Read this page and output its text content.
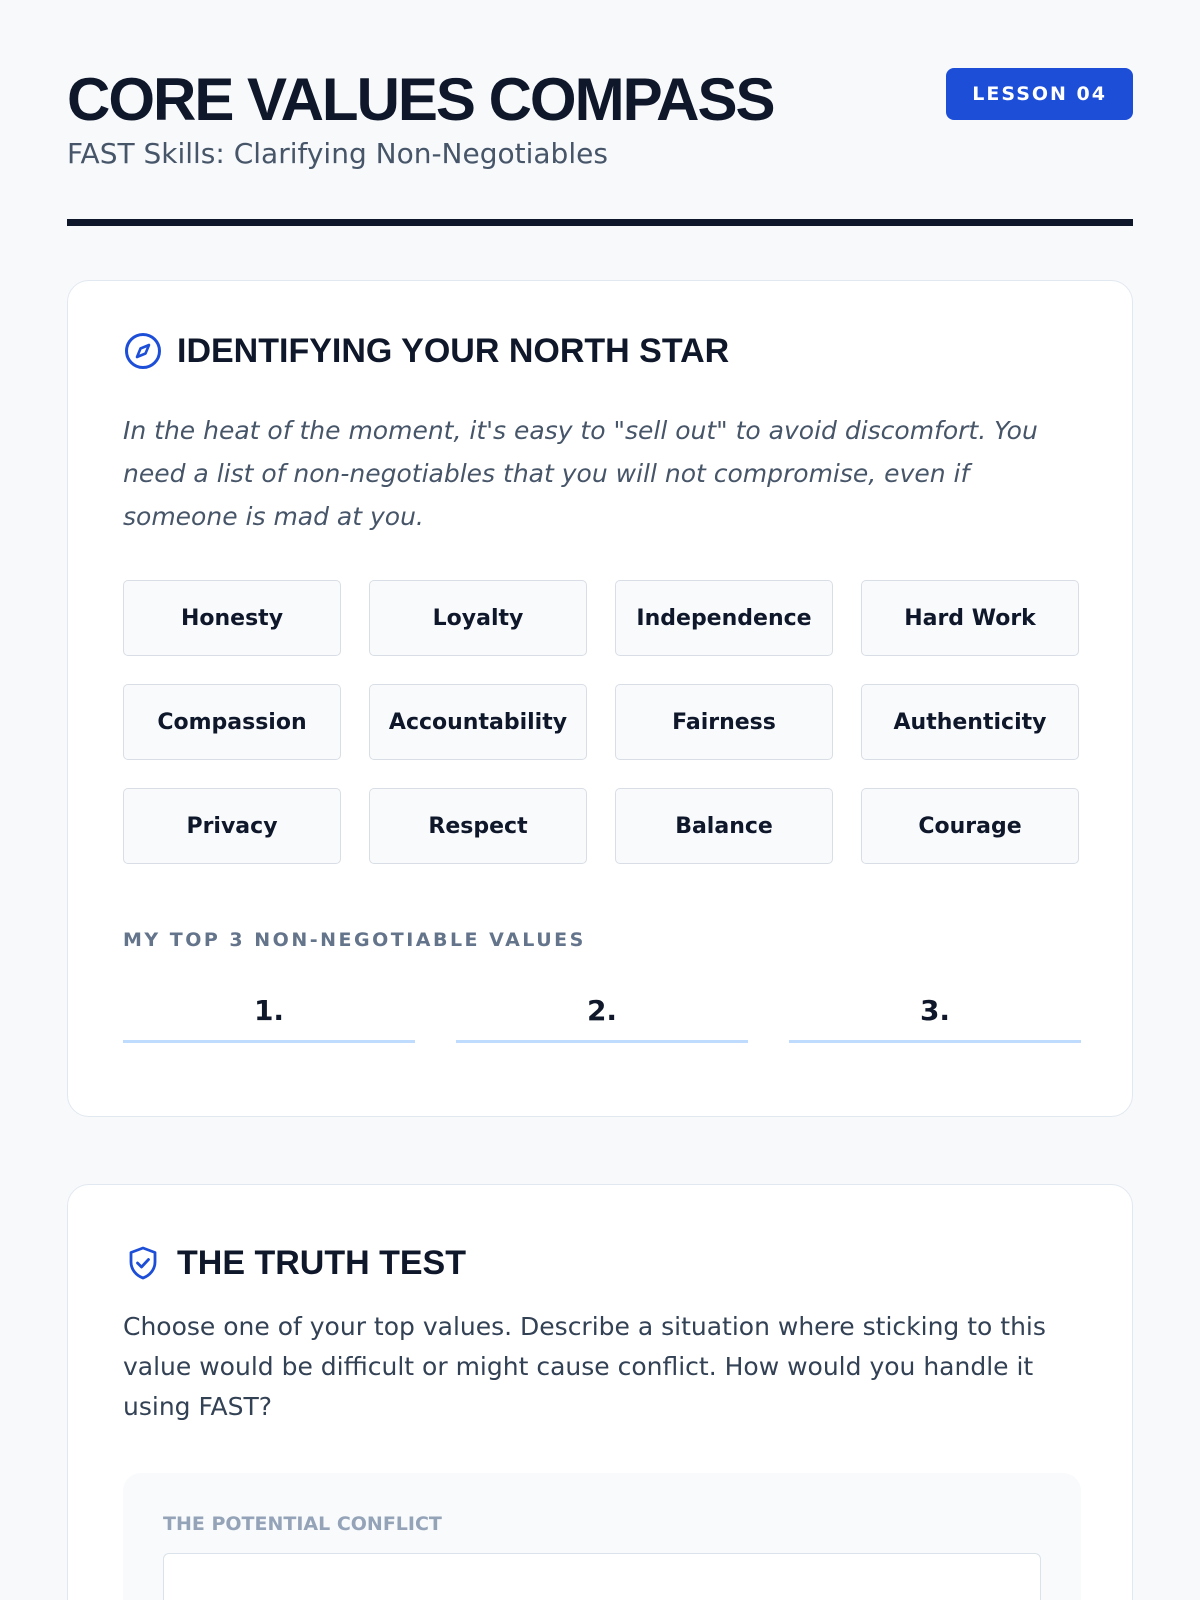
CORE VALUES COMPASS
FAST Skills: Clarifying Non-Negotiables
LESSON 04
IDENTIFYING YOUR NORTH STAR

In the heat of the moment, it's easy to "sell out" to avoid discomfort. You need a list of non-negotiables that you will not compromise, even if someone is mad at you.

Honesty	Loyalty	Independence	Hard Work
Compassion	Accountability	Fairness	Authenticity
Privacy	Respect	Balance	Courage
MY TOP 3 NON-NEGOTIABLE VALUES
1.	2.	3.
THE TRUTH TEST

Choose one of your top values. Describe a situation where sticking to this value would be difficult or might cause conflict. How would you handle it using FAST?

THE POTENTIAL CONFLICT
